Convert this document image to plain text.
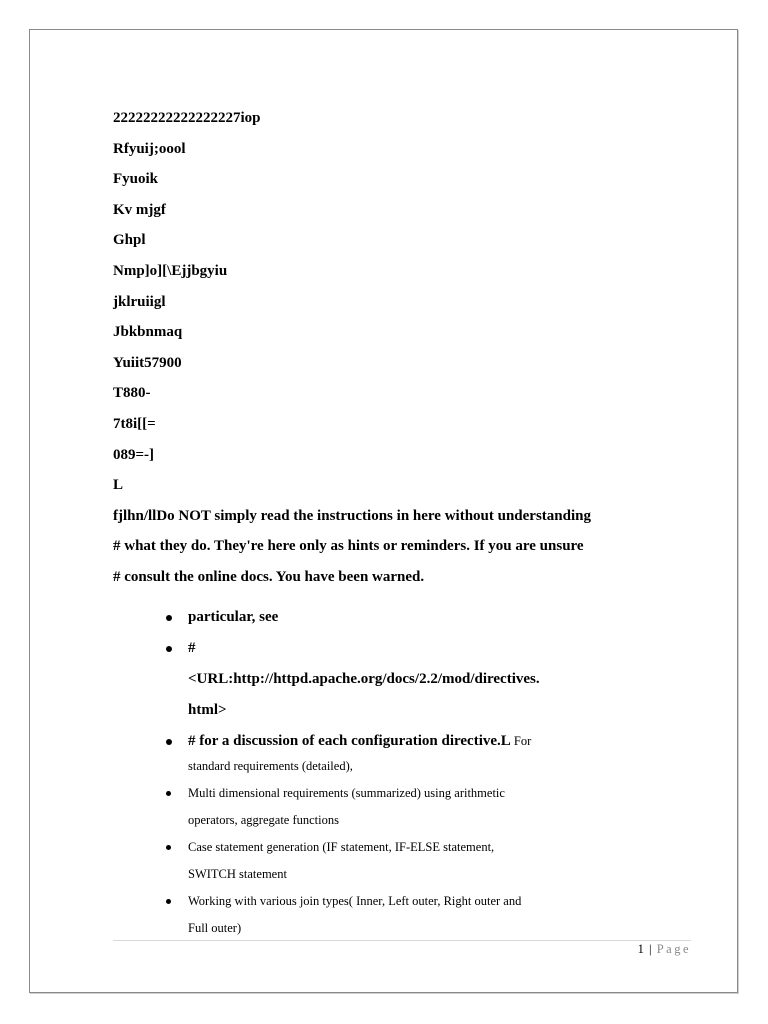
22222222222222227iop
Rfyuij;oool
Fyuoik
Kv mjgf
Ghpl
Nmp]o][\Ejjbgyiu
jklruiigl
Jbkbnmaq
Yuiit57900
T880-
7t8i[[=
089=-]
L
fjlhn/llDo NOT simply read the instructions in here without understanding
# what they do. They're here only as hints or reminders. If you are unsure
# consult the online docs. You have been warned.
particular, see
#
<URL:http://httpd.apache.org/docs/2.2/mod/directives.
html>
# for a discussion of each configuration directive.L For
standard requirements (detailed),
Multi dimensional requirements (summarized) using arithmetic
operators, aggregate functions
Case statement generation (IF statement, IF-ELSE statement,
SWITCH statement
Working with various join types( Inner, Left outer, Right outer and
Full outer)
1 | Page
